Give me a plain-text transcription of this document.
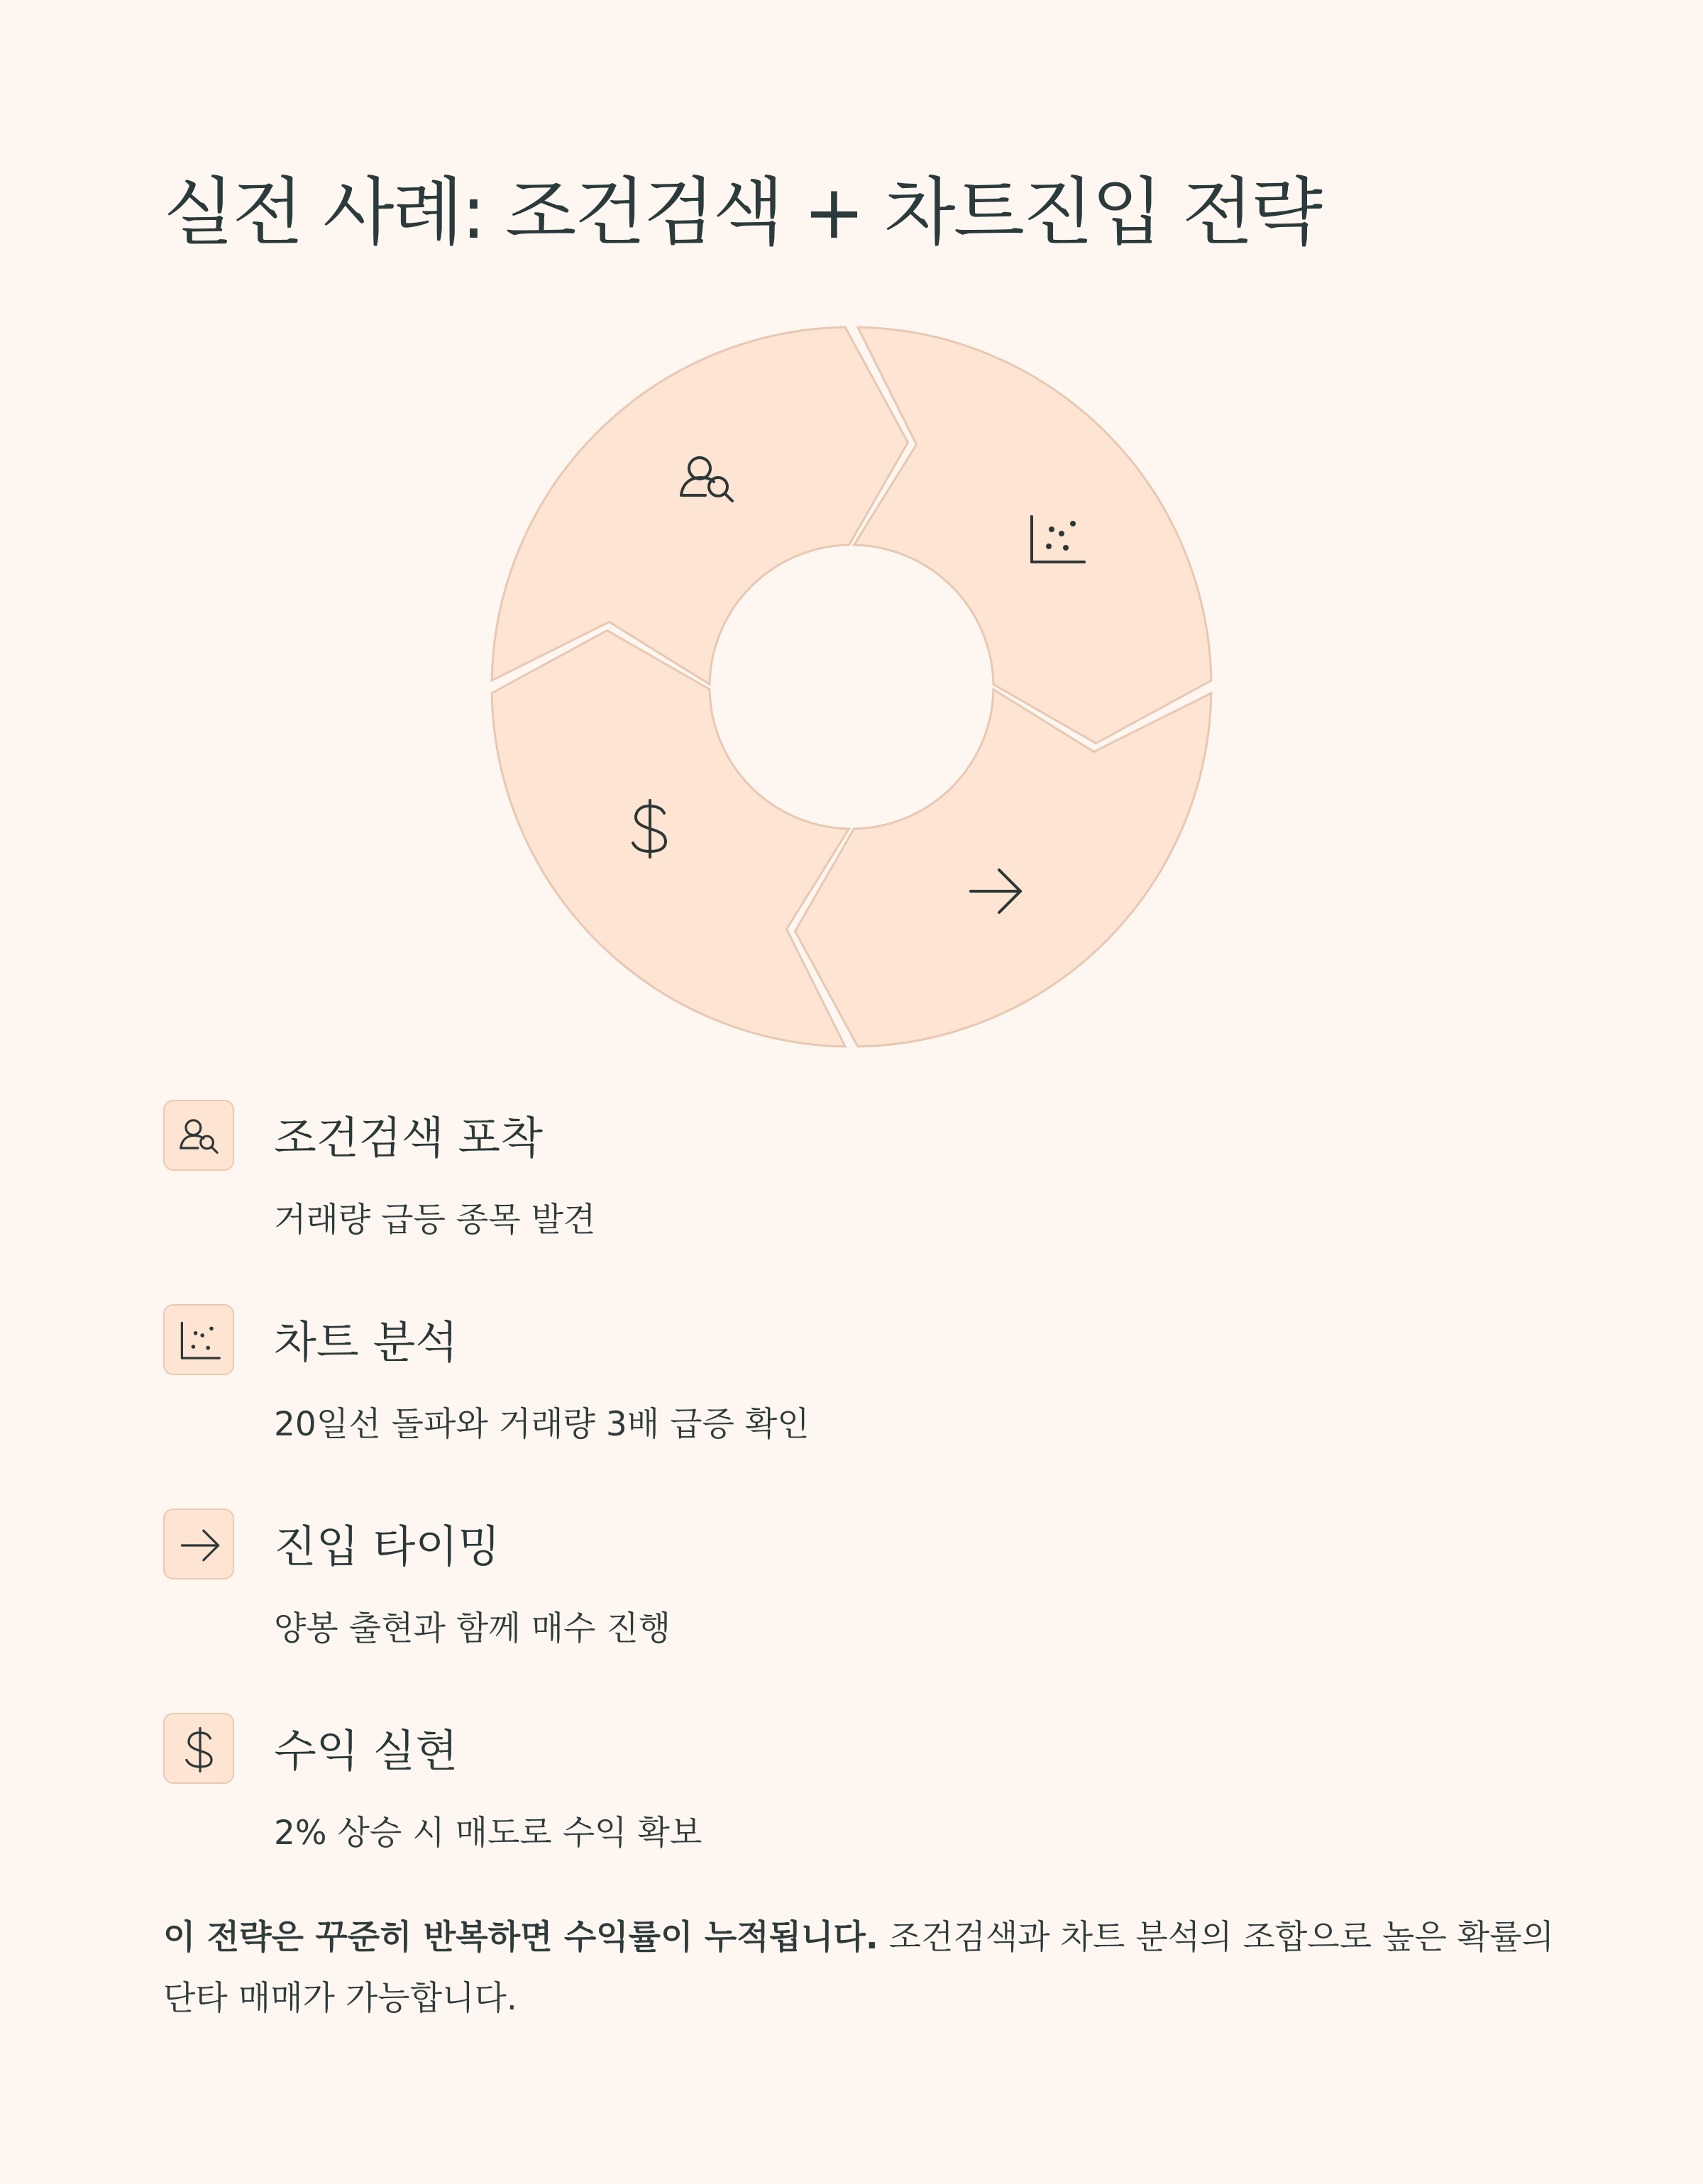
실전 사례: 조건검색 + 차트진입 전략
조건검색 포착
거래량 급등 종목 발견
차트 분석
20일선 돌파와 거래량 3배 급증 확인
진입 타이밍
양봉 출현과 함께 매수 진행
수익 실현
2% 상승 시 매도로 수익 확보
이 전략은 꾸준히 반복하면 수익률이 누적됩니다. 조건검색과 차트 분석의 조합으로 높은 확률의 단타 매매가 가능합니다.
